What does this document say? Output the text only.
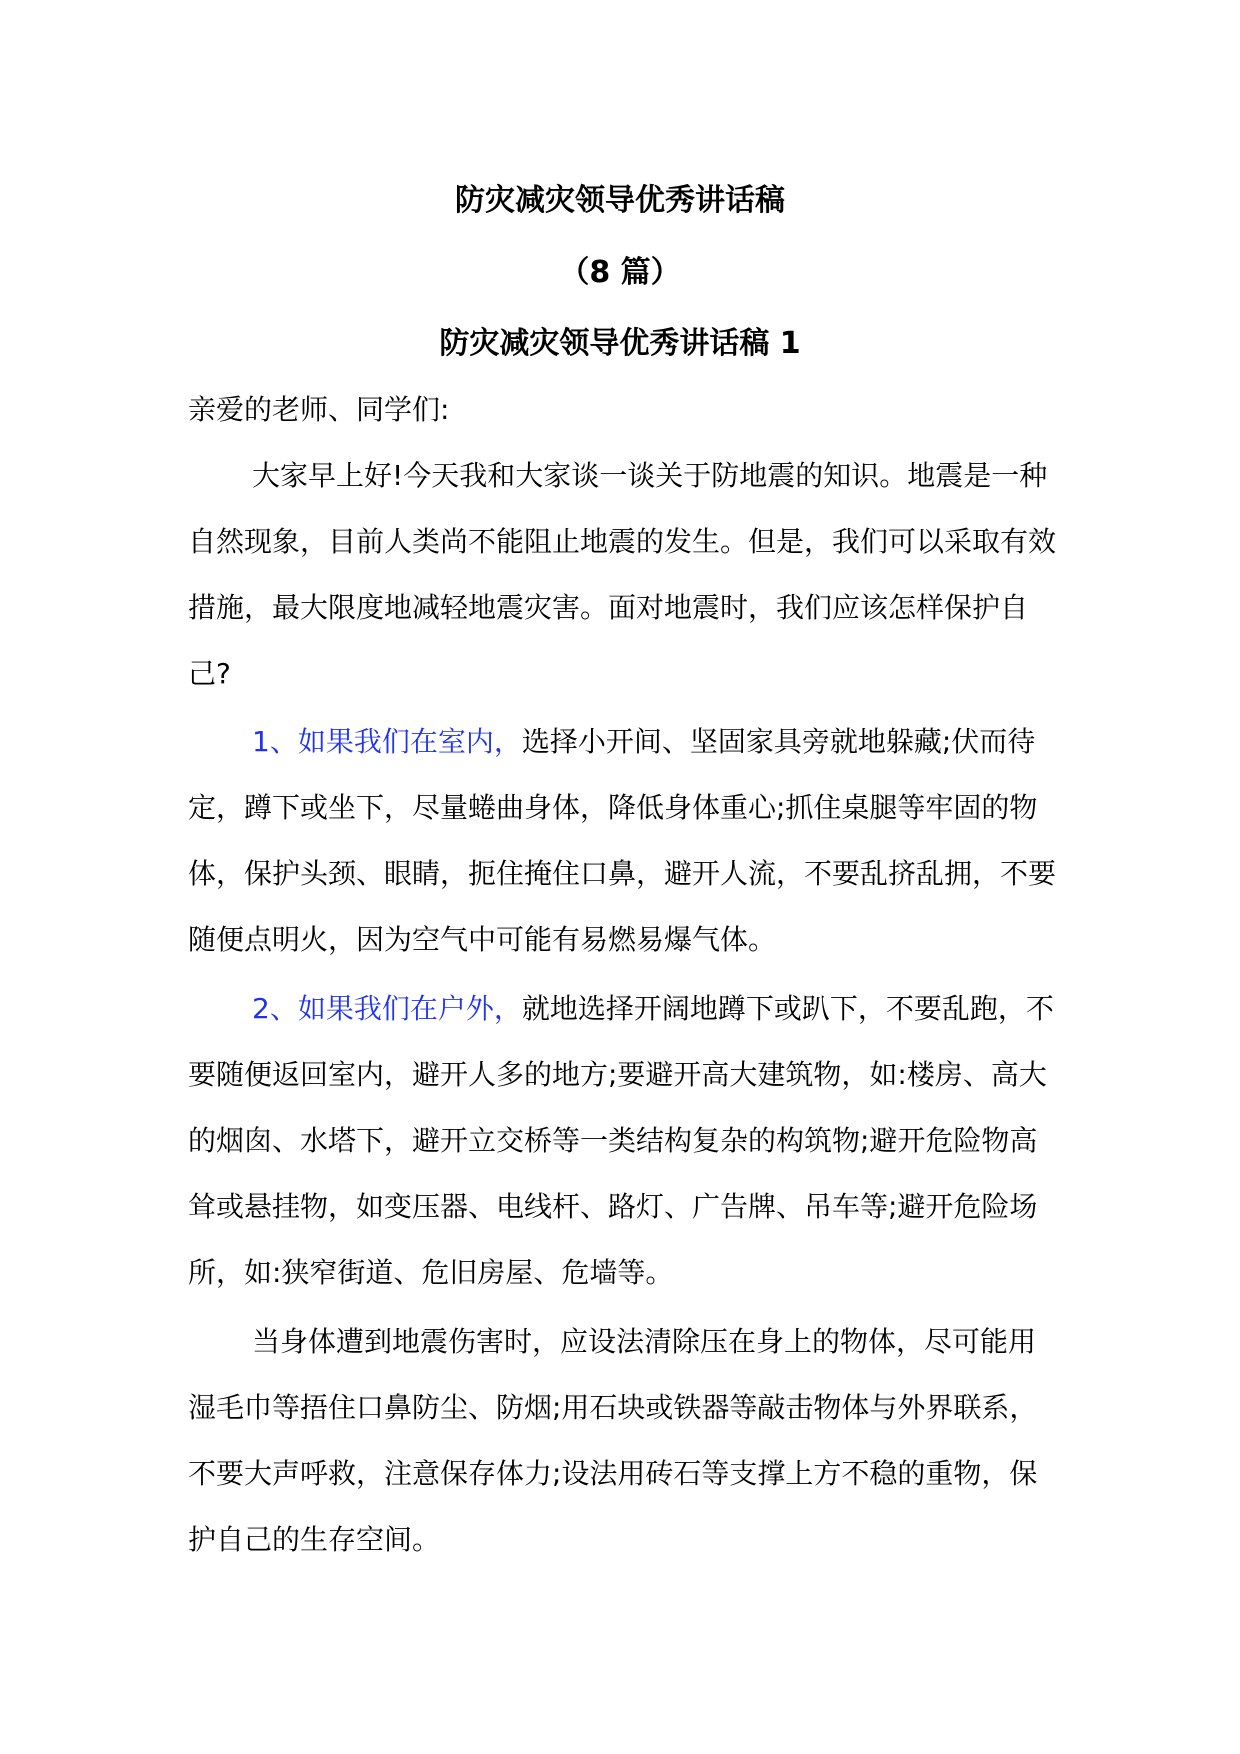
防灾减灾领导优秀讲话稿
（8 篇）
防灾减灾领导优秀讲话稿 1

亲爱的老师、同学们:

大家早上好!今天我和大家谈一谈关于防地震的知识。地震是一种自然现象，目前人类尚不能阻止地震的发生。但是，我们可以采取有效措施，最大限度地减轻地震灾害。面对地震时，我们应该怎样保护自己?

1、如果我们在室内，选择小开间、坚固家具旁就地躲藏;伏而待定，蹲下或坐下，尽量蜷曲身体，降低身体重心;抓住桌腿等牢固的物体，保护头颈、眼睛，扼住掩住口鼻，避开人流，不要乱挤乱拥，不要随便点明火，因为空气中可能有易燃易爆气体。

2、如果我们在户外，就地选择开阔地蹲下或趴下，不要乱跑，不要随便返回室内，避开人多的地方;要避开高大建筑物，如:楼房、高大的烟囱、水塔下，避开立交桥等一类结构复杂的构筑物;避开危险物高耸或悬挂物，如变压器、电线杆、路灯、广告牌、吊车等;避开危险场所，如:狭窄街道、危旧房屋、危墙等。

当身体遭到地震伤害时，应设法清除压在身上的物体，尽可能用湿毛巾等捂住口鼻防尘、防烟;用石块或铁器等敲击物体与外界联系，不要大声呼救，注意保存体力;设法用砖石等支撑上方不稳的重物，保护自己的生存空间。
